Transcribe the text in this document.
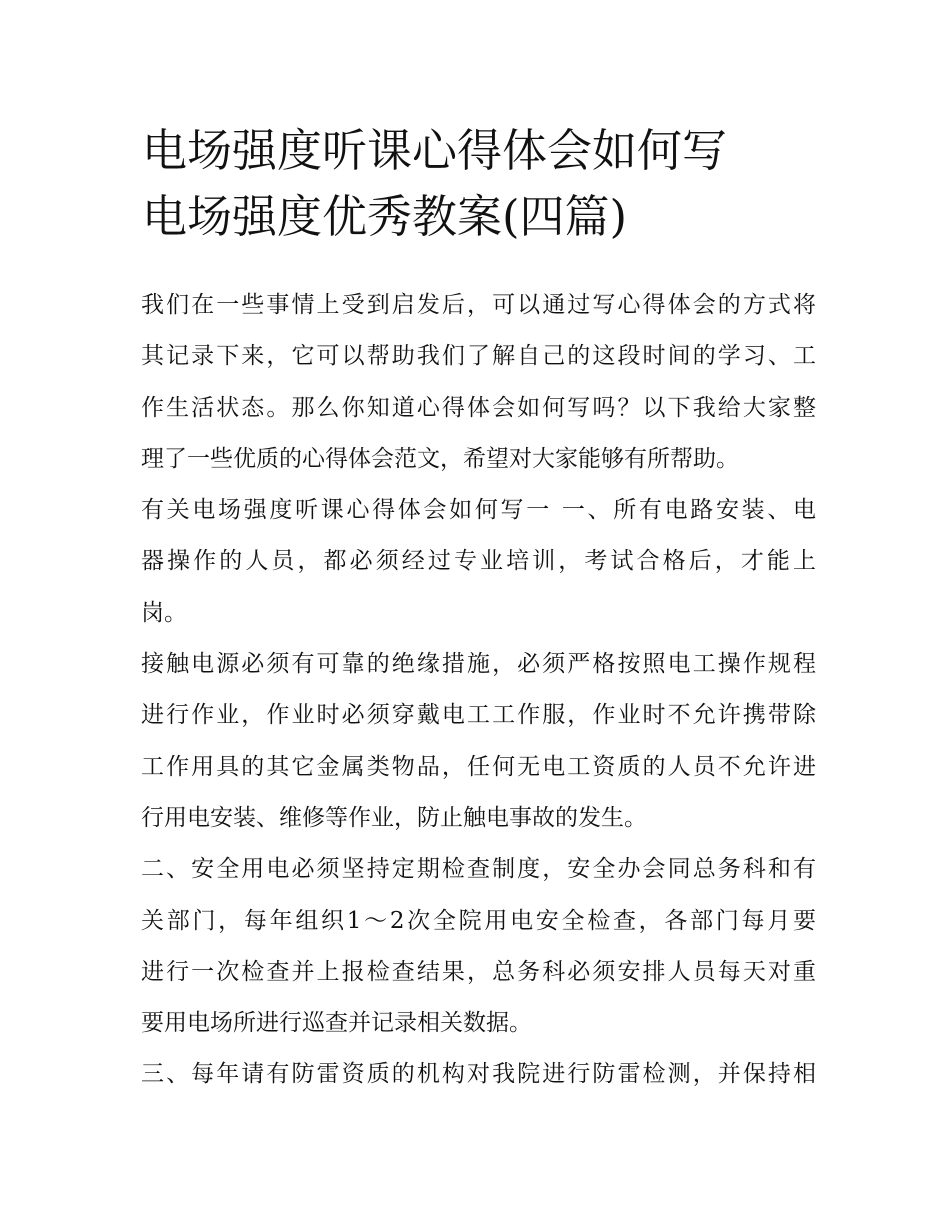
电场强度听课心得体会如何写
电场强度优秀教案(四篇)

我们在一些事情上受到启发后，可以通过写心得体会的方式将
其记录下来，它可以帮助我们了解自己的这段时间的学习、工
作生活状态。那么你知道心得体会如何写吗？以下我给大家整
理了一些优质的心得体会范文，希望对大家能够有所帮助。

有关电场强度听课心得体会如何写一 一、所有电路安装、电
器操作的人员，都必须经过专业培训，考试合格后，才能上
岗。

接触电源必须有可靠的绝缘措施，必须严格按照电工操作规程
进行作业，作业时必须穿戴电工工作服，作业时不允许携带除
工作用具的其它金属类物品，任何无电工资质的人员不允许进
行用电安装、维修等作业，防止触电事故的发生。

二、安全用电必须坚持定期检查制度，安全办会同总务科和有
关部门，每年组织1～2次全院用电安全检查，各部门每月要
进行一次检查并上报检查结果，总务科必须安排人员每天对重
要用电场所进行巡查并记录相关数据。

三、每年请有防雷资质的机构对我院进行防雷检测，并保持相
